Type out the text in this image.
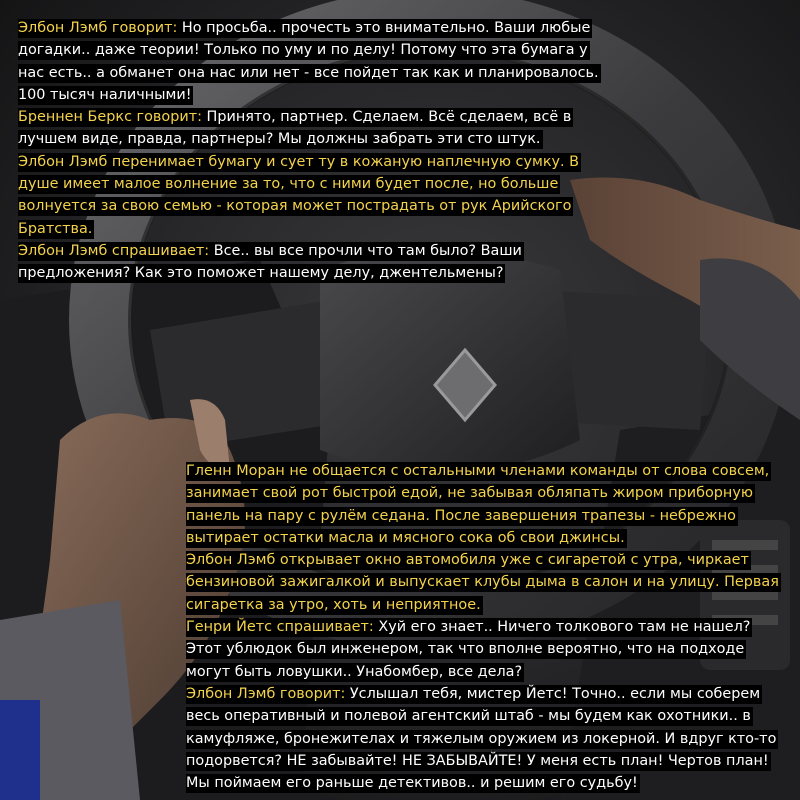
Элбон Лэмб говорит: Но просьба.. прочесть это внимательно. Ваши любые догадки.. даже теории! Только по уму и по делу! Потому что эта бумага у нас есть.. а обманет она нас или нет - все пойдет так как и планировалось. 100 тысяч наличными!

Бреннен Беркс говорит: Принято, партнер. Сделаем. Всё сделаем, всё в лучшем виде, правда, партнеры? Мы должны забрать эти сто штук.

Элбон Лэмб перенимает бумагу и сует ту в кожаную наплечную сумку. В душе имеет малое волнение за то, что с ними будет после, но больше волнуется за свою семью - которая может пострадать от рук Арийского Братства.

Элбон Лэмб спрашивает: Все.. вы все прочли что там было? Ваши предложения? Как это поможет нашему делу, джентельмены?

Гленн Моран не общается с остальными членами команды от слова совсем, занимает свой рот быстрой едой, не забывая обляпать жиром приборную панель на пару с рулём седана. После завершения трапезы - небрежно вытирает остатки масла и мясного сока об свои джинсы.

Элбон Лэмб открывает окно автомобиля уже с сигаретой с утра, чиркает бензиновой зажигалкой и выпускает клубы дыма в салон и на улицу. Первая сигаретка за утро, хоть и неприятное.

Генри Йетс спрашивает: Хуй его знает.. Ничего толкового там не нашел? Этот ублюдок был инженером, так что вполне вероятно, что на подходе могут быть ловушки.. Унабомбер, все дела?

Элбон Лэмб говорит: Услышал тебя, мистер Йетс! Точно.. если мы соберем весь оперативный и полевой агентский штаб - мы будем как охотники.. в камуфляже, бронежителах и тяжелым оружием из локерной. И вдруг кто-то подорвется? НЕ забывайте! НЕ ЗАБЫВАЙТЕ! У меня есть план! Чертов план! Мы поймаем его раньше детективов.. и решим его судьбу!
